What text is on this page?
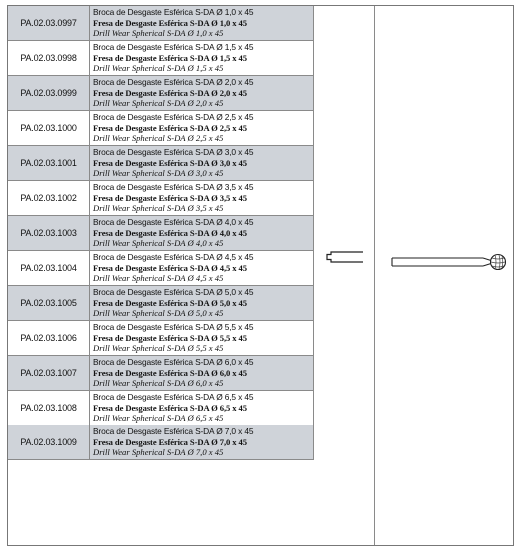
PA.02.03.0997
Broca de Desgaste Esférica S-DA Ø 1,0 x 45
Fresa de Desgaste Esférica S-DA Ø 1,0 x 45
Drill Wear Spherical S-DA Ø 1,0 x 45
PA.02.03.0998
Broca de Desgaste Esférica S-DA Ø 1,5 x 45
Fresa de Desgaste Esférica S-DA Ø 1,5 x 45
Drill Wear Spherical S-DA Ø 1,5 x 45
PA.02.03.0999
Broca de Desgaste Esférica S-DA Ø 2,0 x 45
Fresa de Desgaste Esférica S-DA Ø 2,0 x 45
Drill Wear Spherical S-DA Ø 2,0 x 45
PA.02.03.1000
Broca de Desgaste Esférica S-DA Ø 2,5 x 45
Fresa de Desgaste Esférica S-DA Ø 2,5 x 45
Drill Wear Spherical S-DA Ø 2,5 x 45
PA.02.03.1001
Broca de Desgaste Esférica S-DA Ø 3,0 x 45
Fresa de Desgaste Esférica S-DA Ø 3,0 x 45
Drill Wear Spherical S-DA Ø 3,0 x 45
PA.02.03.1002
Broca de Desgaste Esférica S-DA Ø 3,5 x 45
Fresa de Desgaste Esférica S-DA Ø 3,5 x 45
Drill Wear Spherical S-DA Ø 3,5 x 45
PA.02.03.1003
Broca de Desgaste Esférica S-DA Ø 4,0 x 45
Fresa de Desgaste Esférica S-DA Ø 4,0 x 45
Drill Wear Spherical S-DA Ø 4,0 x 45
PA.02.03.1004
Broca de Desgaste Esférica S-DA Ø 4,5 x 45
Fresa de Desgaste Esférica S-DA Ø 4,5 x 45
Drill Wear Spherical S-DA Ø 4,5 x 45
PA.02.03.1005
Broca de Desgaste Esférica S-DA Ø 5,0 x 45
Fresa de Desgaste Esférica S-DA Ø 5,0 x 45
Drill Wear Spherical S-DA Ø 5,0 x 45
PA.02.03.1006
Broca de Desgaste Esférica S-DA Ø 5,5 x 45
Fresa de Desgaste Esférica S-DA Ø 5,5 x 45
Drill Wear Spherical S-DA Ø 5,5 x 45
PA.02.03.1007
Broca de Desgaste Esférica S-DA Ø 6,0 x 45
Fresa de Desgaste Esférica S-DA Ø 6,0 x 45
Drill Wear Spherical S-DA Ø 6,0 x 45
PA.02.03.1008
Broca de Desgaste Esférica S-DA Ø 6,5 x 45
Fresa de Desgaste Esférica S-DA Ø 6,5 x 45
Drill Wear Spherical S-DA Ø 6,5 x 45
PA.02.03.1009
Broca de Desgaste Esférica S-DA Ø 7,0 x 45
Fresa de Desgaste Esférica S-DA Ø 7,0 x 45
Drill Wear Spherical S-DA Ø 7,0 x 45
